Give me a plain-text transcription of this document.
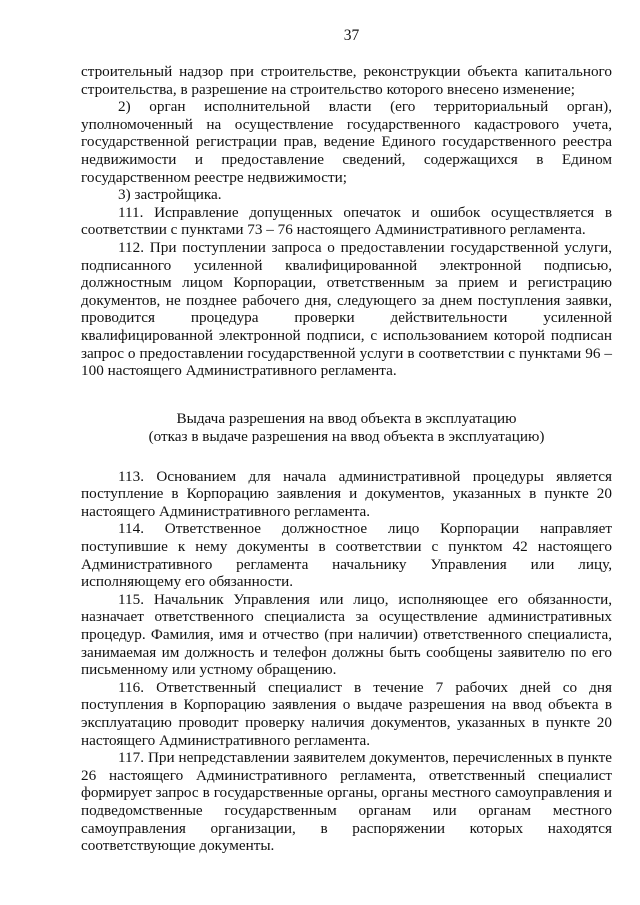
37

строительный надзор при строительстве, реконструкции объекта капитального строительства, в разрешение на строительство которого внесено изменение;

2) орган исполнительной власти (его территориальный орган), уполномоченный на осуществление государственного кадастрового учета, государственной регистрации прав, ведение Единого государственного реестра недвижимости и предоставление сведений, содержащихся в Едином государственном реестре недвижимости;

3) застройщика.

111. Исправление допущенных опечаток и ошибок осуществляется в соответствии с пунктами 73 – 76 настоящего Административного регламента.

112. При поступлении запроса о предоставлении государственной услуги, подписанного усиленной квалифицированной электронной подписью, должностным лицом Корпорации, ответственным за прием и регистрацию документов, не позднее рабочего дня, следующего за днем поступления заявки, проводится процедура проверки действительности усиленной квалифицированной электронной подписи, с использованием которой подписан запрос о предоставлении государственной услуги в соответствии с пунктами 96 – 100 настоящего Административного регламента.

Выдача разрешения на ввод объекта в эксплуатацию
(отказ в выдаче разрешения на ввод объекта в эксплуатацию)

113. Основанием для начала административной процедуры является поступление в Корпорацию заявления и документов, указанных в пункте 20 настоящего Административного регламента.

114. Ответственное должностное лицо Корпорации направляет поступившие к нему документы в соответствии с пунктом 42 настоящего Административного регламента начальнику Управления или лицу, исполняющему его обязанности.

115. Начальник Управления или лицо, исполняющее его обязанности, назначает ответственного специалиста за осуществление административных процедур. Фамилия, имя и отчество (при наличии) ответственного специалиста, занимаемая им должность и телефон должны быть сообщены заявителю по его письменному или устному обращению.

116. Ответственный специалист в течение 7 рабочих дней со дня поступления в Корпорацию заявления о выдаче разрешения на ввод объекта в эксплуатацию проводит проверку наличия документов, указанных в пункте 20 настоящего Административного регламента.

117. При непредставлении заявителем документов, перечисленных в пункте 26 настоящего Административного регламента, ответственный специалист формирует запрос в государственные органы, органы местного самоуправления и подведомственные государственным органам или органам местного самоуправления организации, в распоряжении которых находятся соответствующие документы.
